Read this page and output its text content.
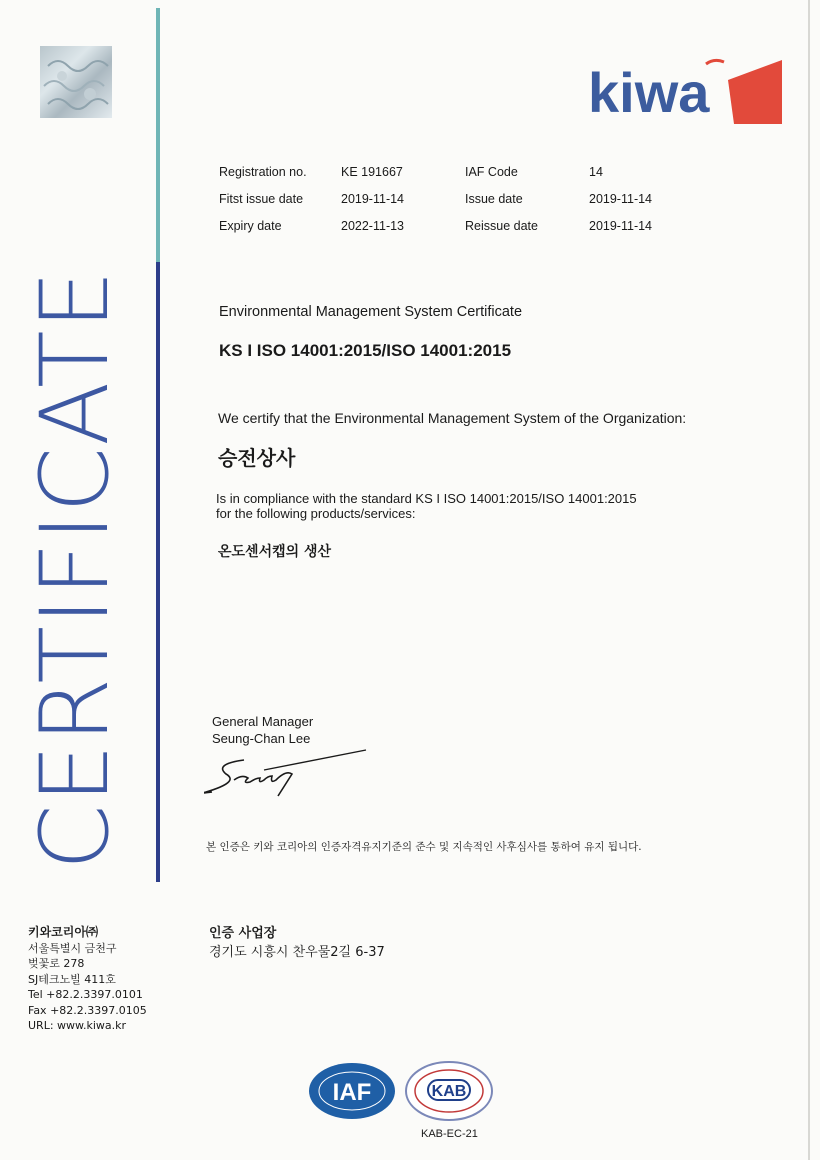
CERTIFICATE
kiwa
Registration no.	KE 191667	IAF Code	14
Fitst issue date	2019-11-14	Issue date	2019-11-14
Expiry date	2022-11-13	Reissue date	2019-11-14
Environmental Management System Certificate
KS I ISO 14001:2015/ISO 14001:2015
We certify that the Environmental Management System of the Organization:
승전상사
Is in compliance with the standard KS I ISO 14001:2015/ISO 14001:2015
for the following products/services:
온도센서캡의 생산
General Manager
Seung-Chan Lee
본 인증은 키와 코리아의 인증자격유지기준의 준수 및 지속적인 사후심사를 통하여 유지 됩니다.
키와코리아㈜
서울특별시 금천구
벚꽃로 278
SJ테크노빌 411호
Tel +82.2.3397.0101
Fax +82.2.3397.0105
URL: www.kiwa.kr
인증 사업장
경기도 시흥시 찬우물2길 6-37
IAF	KAB
KAB-EC-21
